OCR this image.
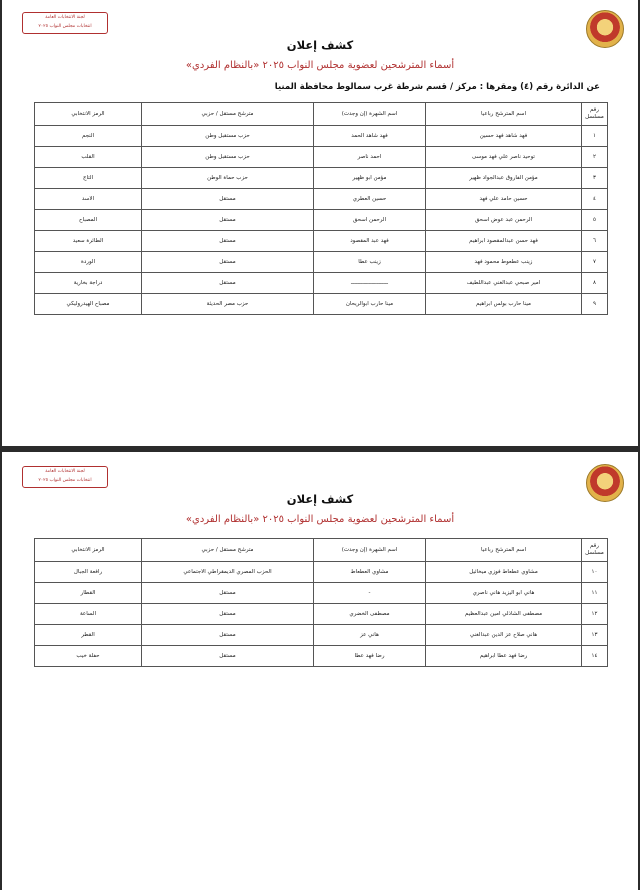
لجنة الانتخابات العامة
انتخابات مجلس النواب ٢٠٢٥
كشف إعلان
أسماء المترشحين لعضوية مجلس النواب ٢٠٢٥ «بالنظام الفردي»
عن الدائرة رقم (٤) ومقرها : مركز / قسم شرطة غرب سمالوط محافظة المنيا
رقم مسلسل	اسم المترشح رباعيا	اسم الشهرة (إن وجدت)	مترشح مستقل / حزبي	الرمز الانتخابي
١	فهد شاهد فهد حسين	فهد شاهد الحمد	حزب مستقبل وطن	النجم
٢	توحيد ناصر علي فهد موسى	احمد ناصر	حزب مستقبل وطن	القلب
٣	مؤمن الفاروق عبدالجواد ظهير	مؤمن ابو ظهير	حزب حماة الوطن	التاج
٤	حسين حامد علي فهد	حسين العطري	مستقل	الاسد
٥	الرحمن عبد عوض اسحق	الرحمن اسحق	مستقل	المصباح
٦	فهد حسن عبدالمقصود ابراهيم	فهد عبد المقصود	مستقل	الطائرة سعيد
٧	زينب عطعوط محمود فهد	زينب عطا	مستقل	الوردة
٨	امير صبحي عبدالغني عبداللطيف	ـــــــــــــــــــــــ	مستقل	دراجة بخارية
٩	مينا حارب بولس ابراهيم	مينا حارب ابوالريحان	حزب مصر الحديثة	مصباح الهيدروليكي
لجنة الانتخابات العامة
انتخابات مجلس النواب ٢٠٢٥
كشف إعلان
أسماء المترشحين لعضوية مجلس النواب ٢٠٢٥ «بالنظام الفردي»
رقم مسلسل	اسم المترشح رباعيا	اسم الشهرة (إن وجدت)	مترشح مستقل / حزبي	الرمز الانتخابي
١٠	مشاوي عطعاط فوزي ميخائيل	مشاوي العطعاط	الحزب المصري الديمقراطي الاجتماعي	رافعة الجبال
١١	هاني ابو اليزيد هاني ناصري	-	مستقل	القطار
١٢	مصطفى الشاذلي امين عبدالعظيم	مصطفى الخضري	مستقل	الساعة
١٣	هاني صلاح عز الدين عبدالغني	هاني عز	مستقل	القطر
١٤	رضا فهد عطا ابراهيم	رضا فهد عطا	مستقل	حفلة خيب
